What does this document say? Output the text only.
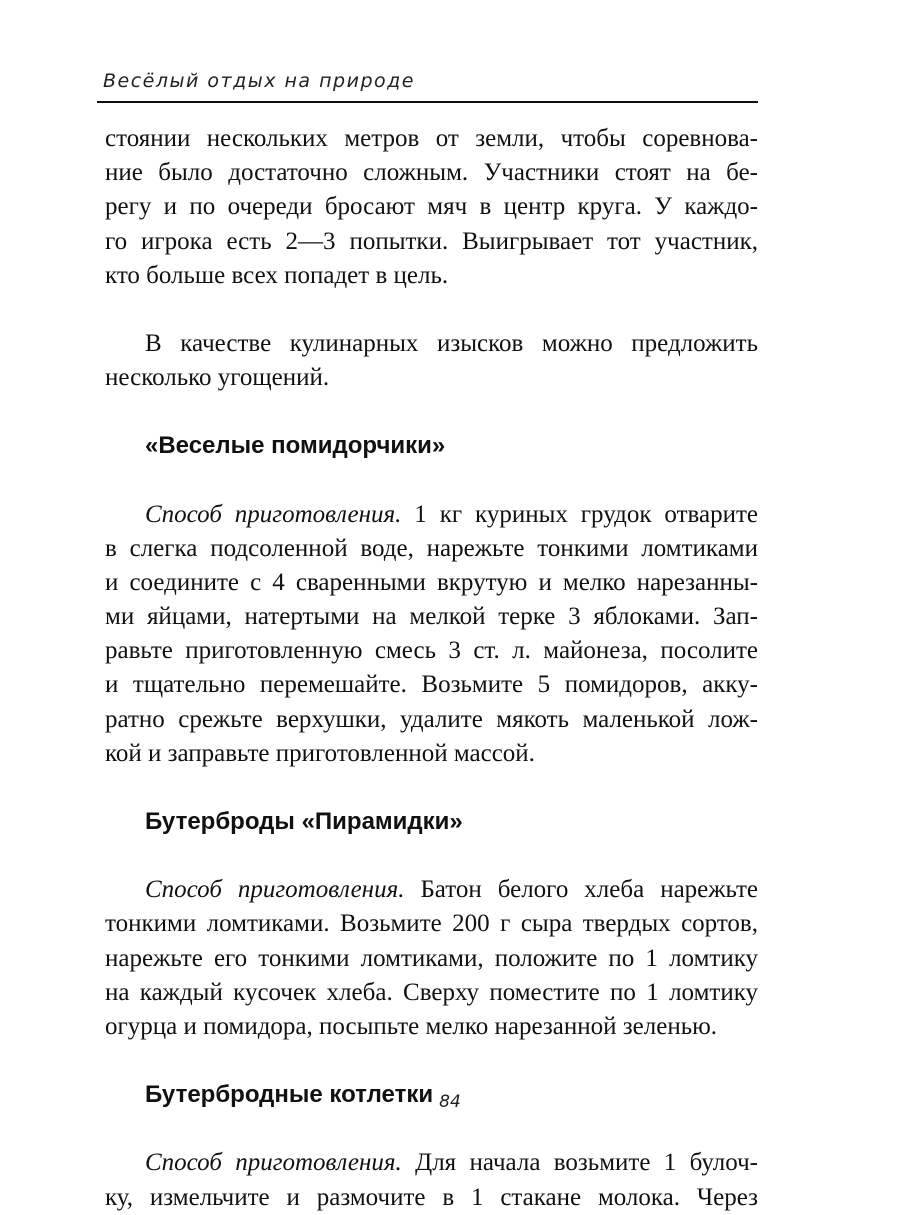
Весёлый отдых на природе

стоянии нескольких метров от земли, чтобы соревнова-
ние было достаточно сложным. Участники стоят на бе-
регу и по очереди бросают мяч в центр круга. У каждо-
го игрока есть 2—3 попытки. Выигрывает тот участник,
кто больше всех попадет в цель.

В качестве кулинарных изысков можно предложить
несколько угощений.

«Веселые помидорчики»

Способ приготовления. 1 кг куриных грудок отварите
в слегка подсоленной воде, нарежьте тонкими ломтиками
и соедините с 4 сваренными вкрутую и мелко нарезанны-
ми яйцами, натертыми на мелкой терке 3 яблоками. Зап-
равьте приготовленную смесь 3 ст. л. майонеза, посолите
и тщательно перемешайте. Возьмите 5 помидоров, акку-
ратно срежьте верхушки, удалите мякоть маленькой лож-
кой и заправьте приготовленной массой.

Бутерброды «Пирамидки»

Способ приготовления. Батон белого хлеба нарежьте
тонкими ломтиками. Возьмите 200 г сыра твердых сортов,
нарежьте его тонкими ломтиками, положите по 1 ломтику
на каждый кусочек хлеба. Сверху поместите по 1 ломтику
огурца и помидора, посыпьте мелко нарезанной зеленью.

Бутербродные котлетки

Способ приготовления. Для начала возьмите 1 булоч-
ку, измельчите и размочите в 1 стакане молока. Через

84
